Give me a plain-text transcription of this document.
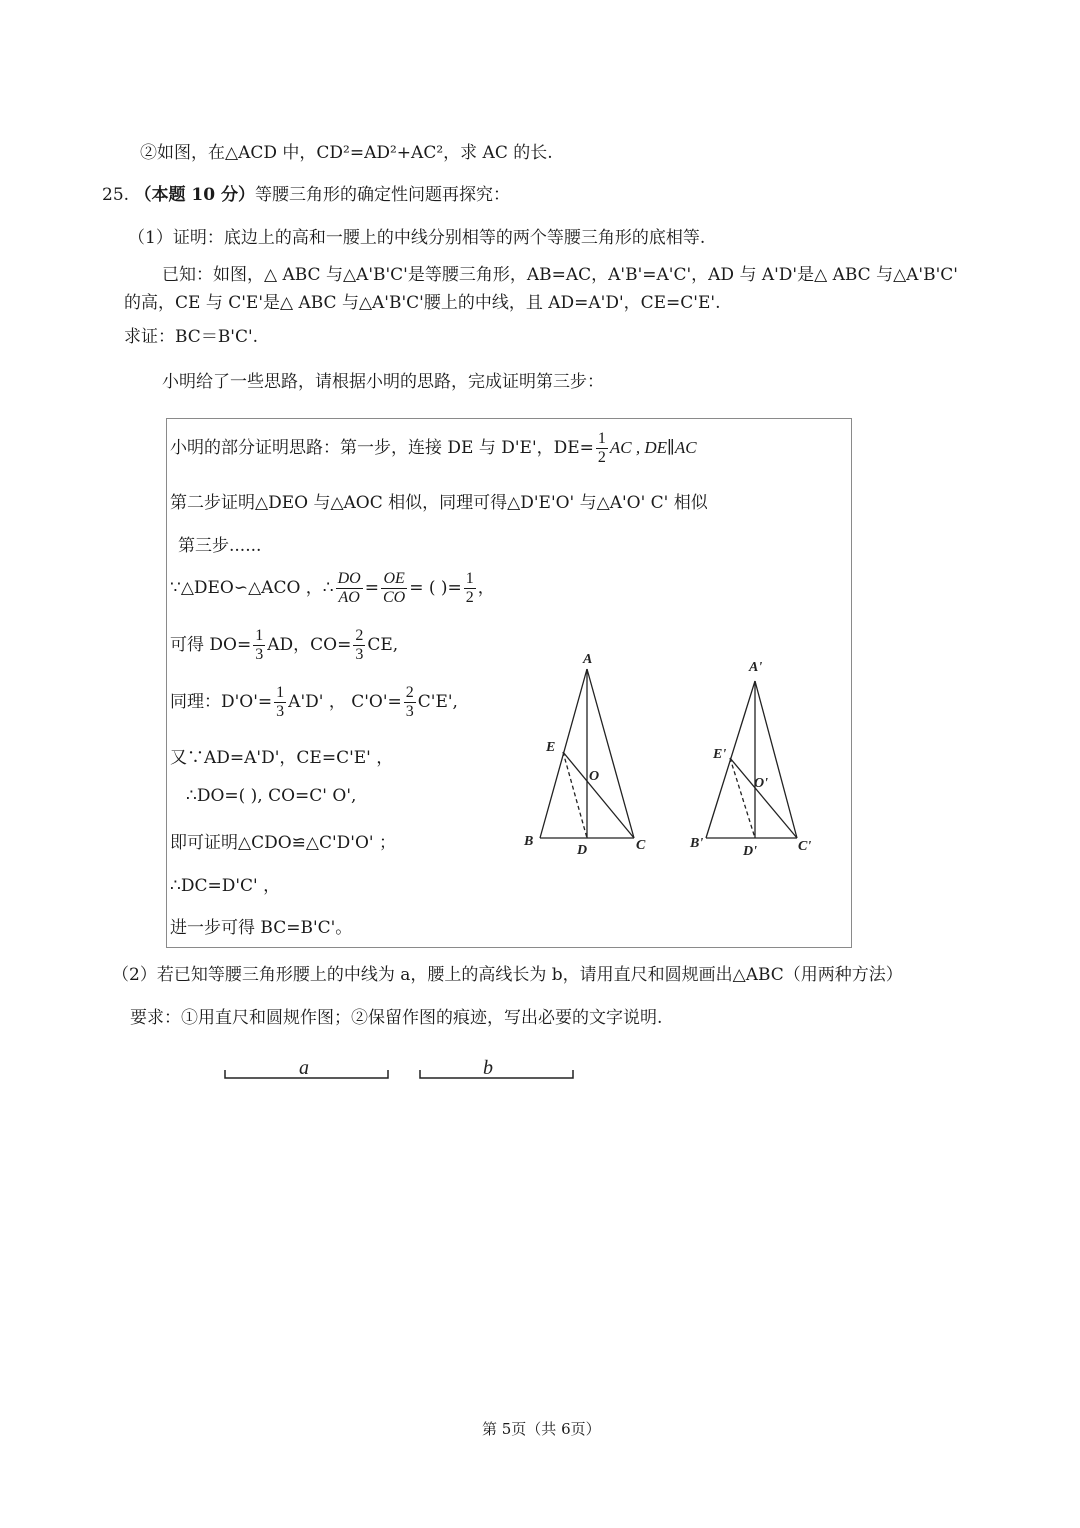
②如图，在△ACD 中，CD²=AD²+AC²，求 AC 的长.
25. （本题 10 分）等腰三角形的确定性问题再探究：
（1）证明：底边上的高和一腰上的中线分别相等的两个等腰三角形的底相等.
已知：如图，△ ABC 与△A'B'C'是等腰三角形，AB=AC，A'B'=A'C'，AD 与 A'D'是△ ABC 与△A'B'C'
的高，CE 与 C'E'是△ ABC 与△A'B'C'腰上的中线，且 AD=A'D'，CE=C'E'.
求证：BC＝B'C'.
小明给了一些思路，请根据小明的思路，完成证明第三步：
小明的部分证明思路：第一步，连接 DE 与 D'E'，$DE= \frac{1}{2}$ AC , DE∥AC
第二步证明△DEO 与△AOC 相似，同理可得△D'E'O' 与△A'O' C' 相似
第三步......
∵△DEO∽△ACO ，∴ $\frac{DO}{AO} = \frac{OE}{CO}$ = ( )= $\frac{1}{2}$ ，
可得 $DO= \frac{1}{3}$ AD，$CO= \frac{2}{3}$ CE,
同理：$D'O'= \frac{1}{3} A'D'$ ， $C'O'= \frac{2}{3} C'E'$,
又∵AD=A'D'，CE=C'E' ，
∴DO=( ), CO=C' O',
即可证明△CDO≌△C'D'O' ；
∴DC=D'C' ，
进一步可得 BC=B'C'。
A
B	C
D
E
O
A'
B'	C'
D'
E'
O'
（2）若已知等腰三角形腰上的中线为 a，腰上的高线长为 b，请用直尺和圆规画出△ABC（用两种方法）
要求：①用直尺和圆规作图；②保留作图的痕迹，写出必要的文字说明.
a	b
第 5页（共 6页）
